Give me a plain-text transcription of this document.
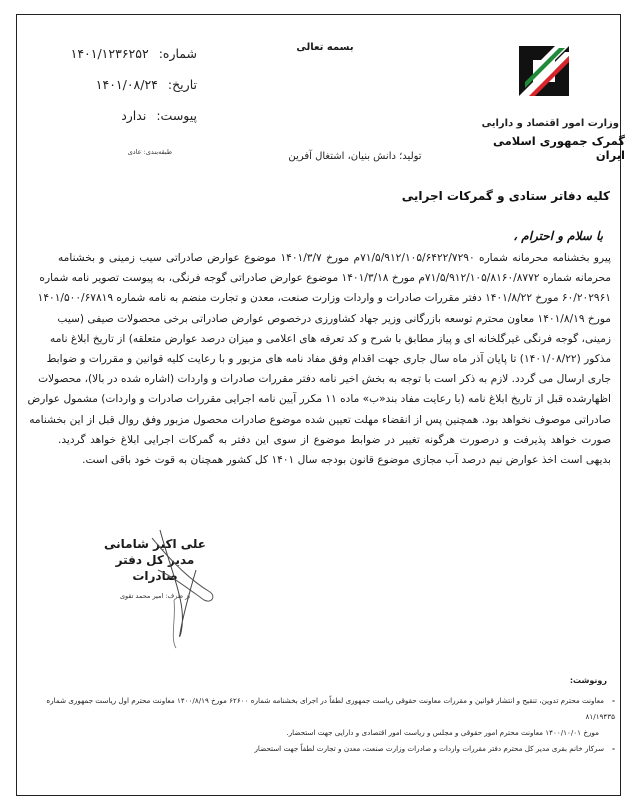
وزارت امور اقتصاد و دارایی
گمرک جمهوری اسلامی ایران
بسمه تعالی
تولید؛ دانش بنیان، اشتغال آفرین
شماره:
۱۴۰۱/۱۲۳۶۲۵۲
تاریخ:
۱۴۰۱/۰۸/۲۴
پیوست:
ندارد
طبقه‌بندی: عادی
کلیه دفاتر ستادی و گمرکات اجرایی
با سلام و احترام ،
پیرو بخشنامه محرمانه شماره ۷۱/۵/۹۱۲/۱۰۵/۶۴۲۲/۷۲۹۰م مورخ ۱۴۰۱/۳/۷ موضوع عوارض صادراتی سیب زمینی و بخشنامه
محرمانه شماره ۷۱/۵/۹۱۲/۱۰۵/۸۱۶۰/۸۷۷۲م مورخ ۱۴۰۱/۳/۱۸ موضوع عوارض صادراتی گوجه فرنگی، به پیوست تصویر نامه شماره
۶۰/۲۰۲۹۶۱ مورخ ۱۴۰۱/۸/۲۲ دفتر مقررات صادرات و واردات وزارت صنعت، معدن و تجارت منضم به نامه شماره ۱۴۰۱/۵۰۰/۶۷۸۱۹
مورخ ۱۴۰۱/۸/۱۹ معاون محترم توسعه بازرگانی وزیر جهاد کشاورزی درخصوص عوارض صادراتی برخی محصولات صیفی (سیب
زمینی، گوجه فرنگی غیرگلخانه ای و پیاز مطابق با شرح و کد تعرفه های اعلامی و میزان درصد عوارض متعلقه) از تاریخ ابلاغ نامه
مذکور (۱۴۰۱/۰۸/۲۲) تا پایان آذر ماه سال جاری جهت اقدام وفق مفاد نامه های مزبور و با رعایت کلیه قوانین و مقررات و ضوابط
جاری ارسال می گردد. لازم به ذکر است با توجه به بخش اخیر نامه دفتر مقررات صادرات و واردات (اشاره شده در بالا)، محصولات
اظهارشده قبل از تاریخ ابلاغ نامه (با رعایت مفاد بند«ب» ماده ۱۱ مکرر آیین نامه اجرایی مقررات صادرات و واردات) مشمول عوارض
صادراتی موصوف نخواهد بود. همچنین پس از انقضاء مهلت تعیین شده موضوع صادرات محصول مزبور وفق روال قبل از این بخشنامه
صورت خواهد پذیرفت و درصورت هرگونه تغییر در ضوابط موضوع از سوی این دفتر به گمرکات اجرایی ابلاغ خواهد گردید.
بدیهی است اخذ عوارض نیم درصد آب مجازی موضوع قانون بودجه سال ۱۴۰۱ کل کشور همچنان به قوت خود باقی است.
علی اکبر شامانی
مدیر کل دفتر صادرات
از طرف: امیر محمد تقوی
رونوشت:
-معاونت محترم تدوین، تنقیح و انتشار قوانین و مقررات معاونت حقوقی ریاست جمهوری لطفاً در اجرای بخشنامه شماره ۶۲۶۰۰ مورخ ۱۴۰۰/۸/۱۹ معاونت محترم اول ریاست جمهوری شماره ۸۱/۱۹۴۳۵
مورخ ۱۴۰۰/۱۰/۰۱ معاونت محترم امور حقوقی و مجلس و ریاست امور اقتصادی و دارایی جهت استحضار.
-سرکار خانم بقری مدیر کل محترم دفتر مقررات واردات و صادرات وزارت صنعت، معدن و تجارت لطفاً جهت استحضار
